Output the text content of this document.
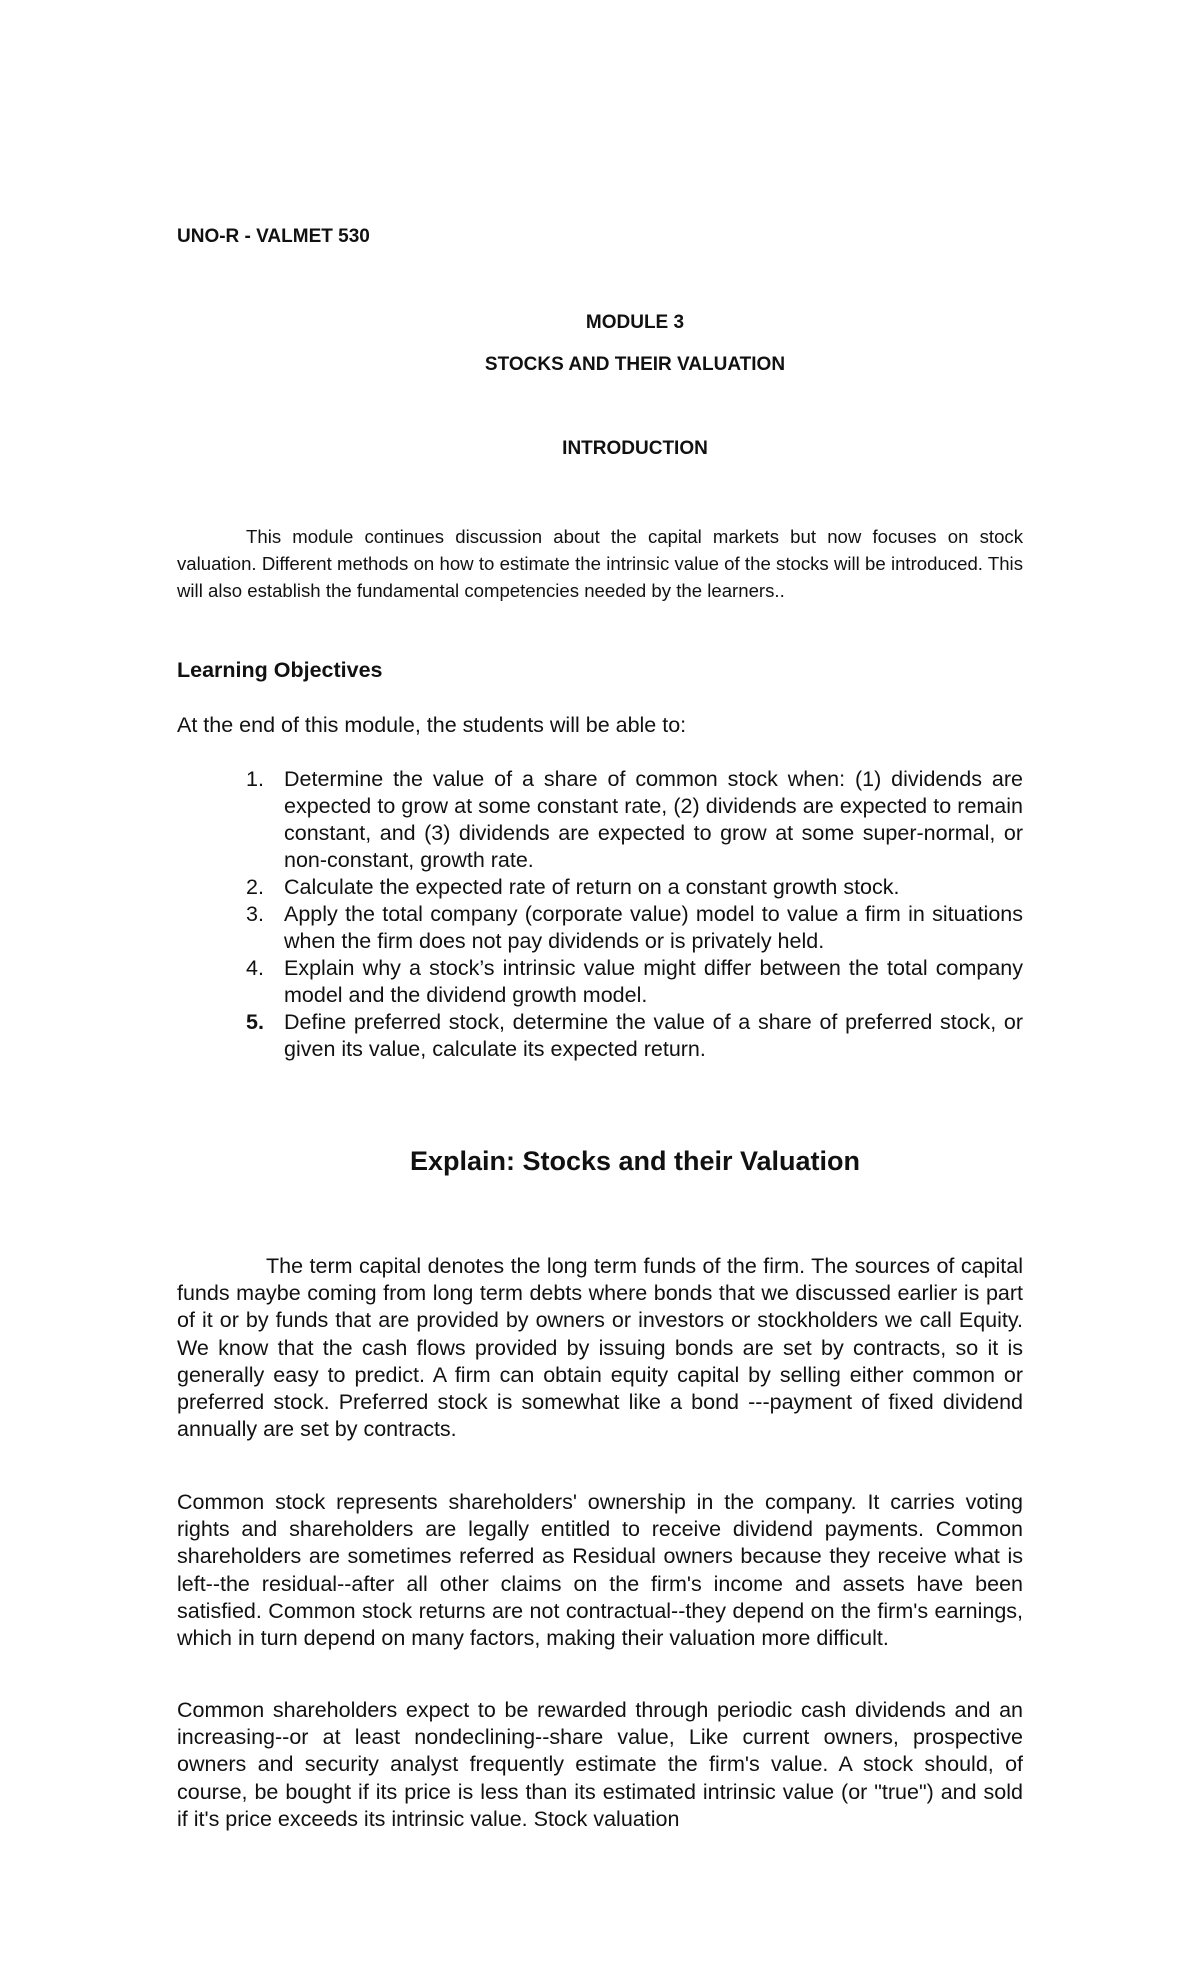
UNO-R - VALMET 530
MODULE 3
STOCKS AND THEIR VALUATION
INTRODUCTION

This module continues discussion about the capital markets but now focuses on stock valuation. Different methods on how to estimate the intrinsic value of the stocks will be introduced. This will also establish the fundamental competencies needed by the learners..

Learning Objectives
At the end of this module, the students will be able to:
1. Determine the value of a share of common stock when: (1) dividends are expected to grow at some constant rate, (2) dividends are expected to remain constant, and (3) dividends are expected to grow at some super-normal, or non-constant, growth rate.
2. Calculate the expected rate of return on a constant growth stock.
3. Apply the total company (corporate value) model to value a firm in situations when the firm does not pay dividends or is privately held.
4. Explain why a stock’s intrinsic value might differ between the total company model and the dividend growth model.
5. Define preferred stock, determine the value of a share of preferred stock, or given its value, calculate its expected return.
Explain: Stocks and their Valuation

The term capital denotes the long term funds of the firm. The sources of capital funds maybe coming from long term debts where bonds that we discussed earlier is part of it or by funds that are provided by owners or investors or stockholders we call Equity. We know that the cash flows provided by issuing bonds are set by contracts, so it is generally easy to predict. A firm can obtain equity capital by selling either common or preferred stock. Preferred stock is somewhat like a bond ---payment of fixed dividend annually are set by contracts.

Common stock represents shareholders' ownership in the company. It carries voting rights and shareholders are legally entitled to receive dividend payments. Common shareholders are sometimes referred as Residual owners because they receive what is left--the residual--after all other claims on the firm's income and assets have been satisfied. Common stock returns are not contractual--they depend on the firm's earnings, which in turn depend on many factors, making their valuation more difficult.

Common shareholders expect to be rewarded through periodic cash dividends and an increasing--or at least nondeclining--share value, Like current owners, prospective owners and security analyst frequently estimate the firm's value. A stock should, of course, be bought if its price is less than its estimated intrinsic value (or "true") and sold if it's price exceeds its intrinsic value. Stock valuation
